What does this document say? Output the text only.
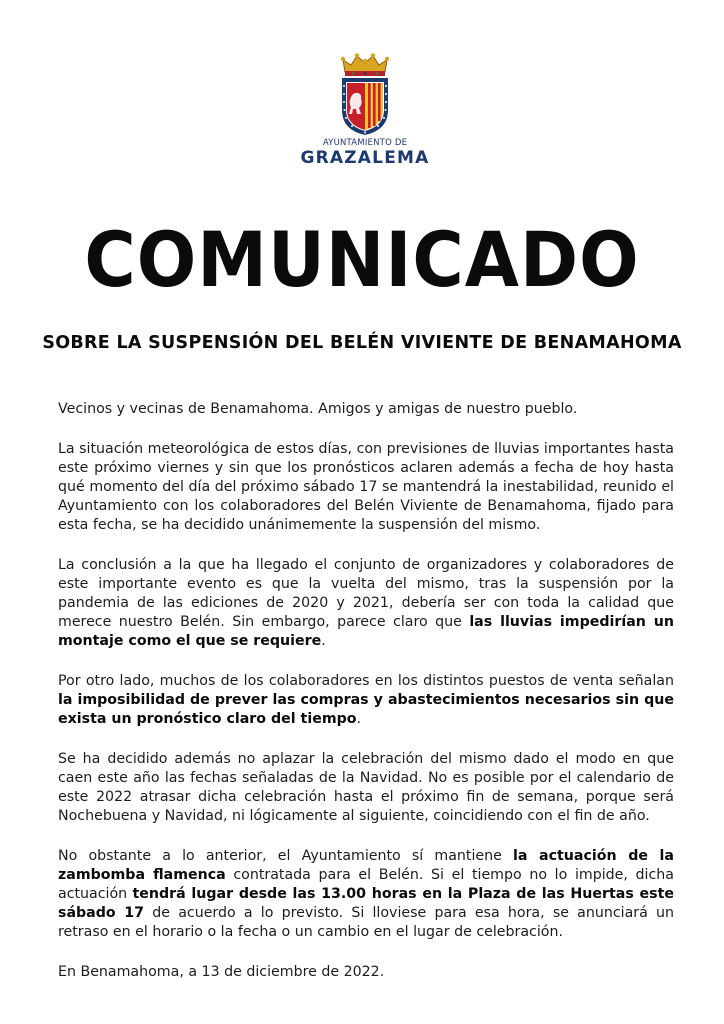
AYUNTAMIENTO DE
GRAZALEMA
COMUNICADO
SOBRE LA SUSPENSIÓN DEL BELÉN VIVIENTE DE BENAMAHOMA

Vecinos y vecinas de Benamahoma. Amigos y amigas de nuestro pueblo.

La situación meteorológica de estos días, con previsiones de lluvias importantes hasta este próximo viernes y sin que los pronósticos aclaren además a fecha de hoy hasta qué momento del día del próximo sábado 17 se mantendrá la inestabilidad, reunido el Ayuntamiento con los colaboradores del Belén Viviente de Benamahoma, fijado para esta fecha, se ha decidido unánimemente la suspensión del mismo.

La conclusión a la que ha llegado el conjunto de organizadores y colaboradores de este importante evento es que la vuelta del mismo, tras la suspensión por la pandemia de las ediciones de 2020 y 2021, debería ser con toda la calidad que merece nuestro Belén. Sin embargo, parece claro que las lluvias impedirían un montaje como el que se requiere.

Por otro lado, muchos de los colaboradores en los distintos puestos de venta señalan la imposibilidad de prever las compras y abastecimientos necesarios sin que exista un pronóstico claro del tiempo.

Se ha decidido además no aplazar la celebración del mismo dado el modo en que caen este año las fechas señaladas de la Navidad. No es posible por el calendario de este 2022 atrasar dicha celebración hasta el próximo fin de semana, porque será Nochebuena y Navidad, ni lógicamente al siguiente, coincidiendo con el fin de año.

No obstante a lo anterior, el Ayuntamiento sí mantiene la actuación de la zambomba flamenca contratada para el Belén. Si el tiempo no lo impide, dicha actuación tendrá lugar desde las 13.00 horas en la Plaza de las Huertas este sábado 17 de acuerdo a lo previsto. Si lloviese para esa hora, se anunciará un retraso en el horario o la fecha o un cambio en el lugar de celebración.

En Benamahoma, a 13 de diciembre de 2022.
